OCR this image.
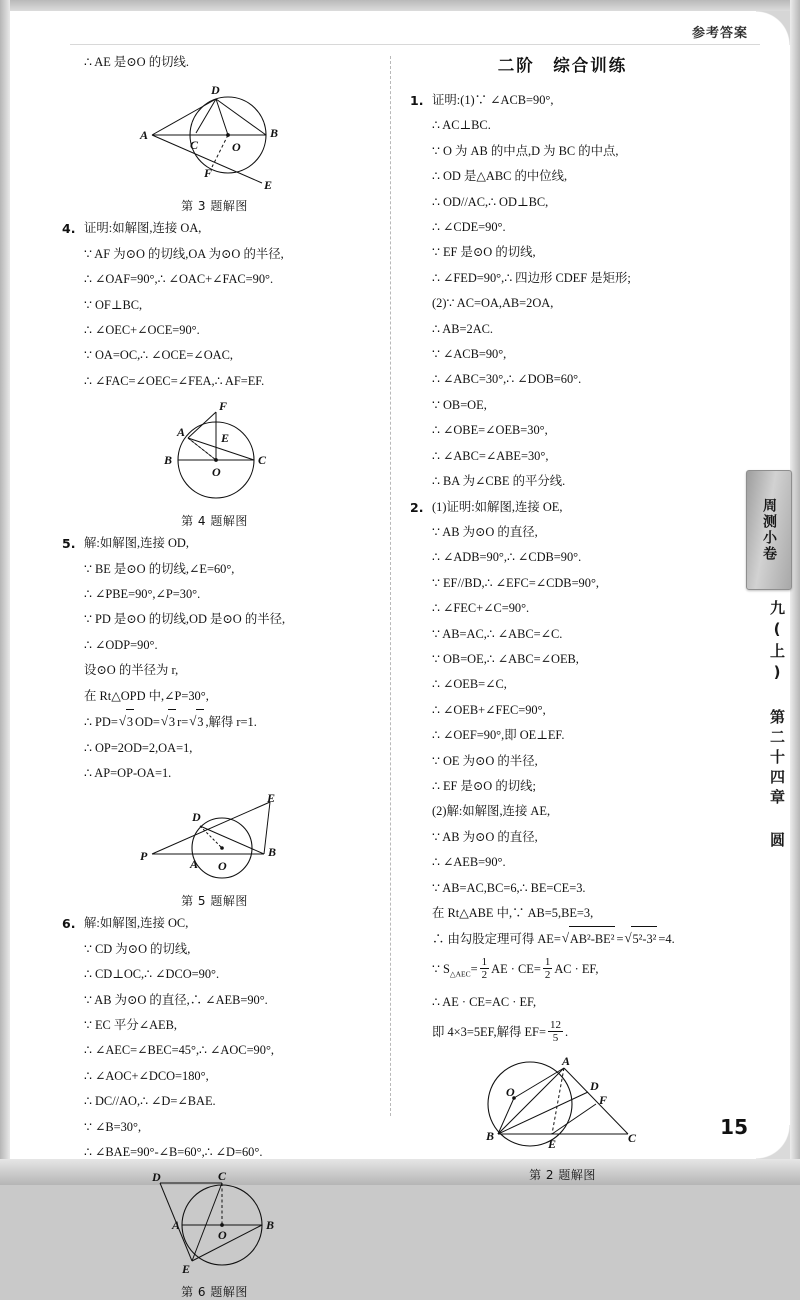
参考答案
∴ AE 是⊙O 的切线.
D
A	B
C	O
F
E
第 3 题解图
4. 证明:如解图,连接 OA,
∵ AF 为⊙O 的切线,OA 为⊙O 的半径,
∴ ∠OAF=90°,∴ ∠OAC+∠FAC=90°.
∵ OF⊥BC,
∴ ∠OEC+∠OCE=90°.
∵ OA=OC,∴ ∠OCE=∠OAC,
∴ ∠FAC=∠OEC=∠FEA,∴ AF=EF.
F
A	E
B	C
O
第 4 题解图
5. 解:如解图,连接 OD,
∵ BE 是⊙O 的切线,∠E=60°,
∴ ∠PBE=90°,∠P=30°.
∵ PD 是⊙O 的切线,OD 是⊙O 的半径,
∴ ∠ODP=90°.
设⊙O 的半径为 r,
在 Rt△OPD 中,∠P=30°,
∴ PD= √ 3 OD= √ 3 r= √ 3 ,解得 r=1.
∴ OP=2OD=2,OA=1,
∴ AP=OP-OA=1.
E
D
P
A O
B
第 5 题解图
6. 解:如解图,连接 OC,
∵ CD 为⊙O 的切线,
∴ CD⊥OC,∴ ∠DCO=90°.
∵ AB 为⊙O 的直径,∴ ∠AEB=90°.
∵ EC 平分∠AEB,
∴ ∠AEC=∠BEC=45°,∴ ∠AOC=90°,
∴ ∠AOC+∠DCO=180°,
∴ DC//AO,∴ ∠D=∠BAE.
∵ ∠B=30°,
∴ ∠BAE=90°-∠B=60°,∴ ∠D=60°.
D	C
A	B
O
E
第 6 题解图
二阶　综合训练
1. 证明:(1)∵ ∠ACB=90°,
∴ AC⊥BC.
∵ O 为 AB 的中点,D 为 BC 的中点,
∴ OD 是△ABC 的中位线,
∴ OD//AC,∴ OD⊥BC,
∴ ∠CDE=90°.
∵ EF 是⊙O 的切线,
∴ ∠FED=90°,∴ 四边形 CDEF 是矩形;
(2)∵ AC=OA,AB=2OA,
∴ AB=2AC.
∵ ∠ACB=90°,
∴ ∠ABC=30°,∴ ∠DOB=60°.
∵ OB=OE,
∴ ∠OBE=∠OEB=30°,
∴ ∠ABC=∠ABE=30°,
∴ BA 为∠CBE 的平分线.
2. (1)证明:如解图,连接 OE,
∵ AB 为⊙O 的直径,
∴ ∠ADB=90°,∴ ∠CDB=90°.
∵ EF//BD,∴ ∠EFC=∠CDB=90°,
∴ ∠FEC+∠C=90°.
∵ AB=AC,∴ ∠ABC=∠C.
∵ OB=OE,∴ ∠ABC=∠OEB,
∴ ∠OEB=∠C,
∴ ∠OEB+∠FEC=90°,
∴ ∠OEF=90°,即 OE⊥EF.
∵ OE 为⊙O 的半径,
∴ EF 是⊙O 的切线;
(2)解:如解图,连接 AE,
∵ AB 为⊙O 的直径,
∴ ∠AEB=90°.
∵ AB=AC,BC=6,∴ BE=CE=3.
在 Rt△ABE 中,∵ AB=5,BE=3,
∴ 由勾股定理可得 AE= √ AB²-BE² = √ 5²-3² =4.
∵ $S_{\triangle AEC}= \frac{1}{2}$ AE · $CE= \frac{1}{2}$ AC · EF,
∴ AE · CE=AC · EF,
即 4×3=5EF,解得 $EF= \frac{12}{5}$ .
A
O	D
F
B
E	C
第 2 题解图
周测小卷
九(上) 第二十四章 圆
15
